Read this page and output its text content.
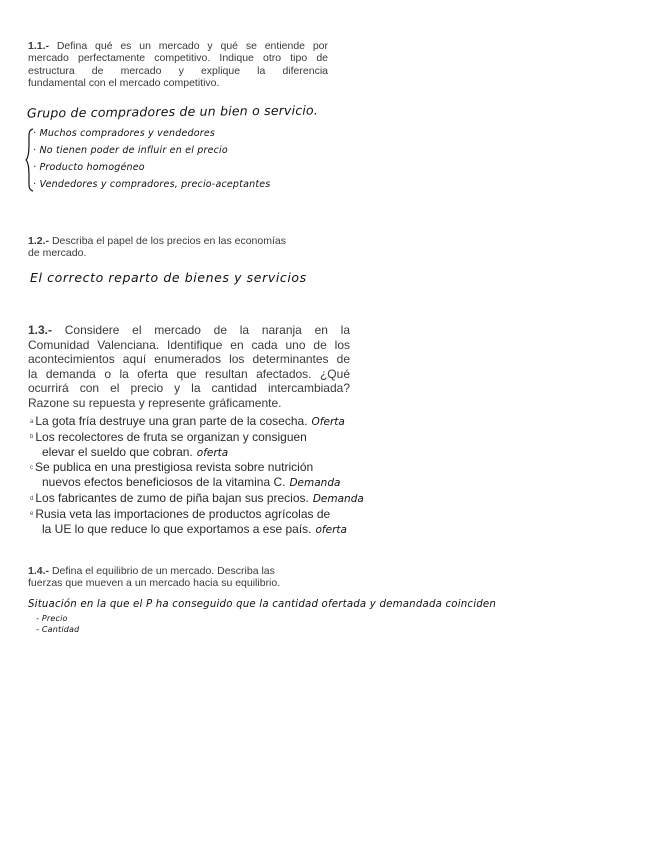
1.1.- Defina qué es un mercado y qué se entiende por
mercado perfectamente competitivo. Indique otro tipo de
estructura de mercado y explique la diferencia
fundamental con el mercado competitivo.
Grupo de compradores de un bien o servicio.
· Muchos compradores y vendedores
· No tienen poder de influir en el precio
· Producto homogéneo
· Vendedores y compradores, precio-aceptantes
1.2.- Describa el papel de los precios en las economías
de mercado.
El correcto reparto de bienes y servicios
1.3.- Considere el mercado de la naranja en la
Comunidad Valenciana. Identifique en cada uno de los
acontecimientos aquí enumerados los determinantes de
la demanda o la oferta que resultan afectados. ¿Qué
ocurrirá con el precio y la cantidad intercambiada?
Razone su repuesta y represente gráficamente.
a La gota fría destruye una gran parte de la cosecha. Oferta
b Los recolectores de fruta se organizan y consiguen
elevar el sueldo que cobran. oferta
c Se publica en una prestigiosa revista sobre nutrición
nuevos efectos beneficiosos de la vitamina C. Demanda
d Los fabricantes de zumo de piña bajan sus precios. Demanda
e Rusia veta las importaciones de productos agrícolas de
la UE lo que reduce lo que exportamos a ese país. oferta
1.4.- Defina el equilibrio de un mercado. Describa las
fuerzas que mueven a un mercado hacia su equilibrio.
Situación en la que el P ha conseguido que la cantidad ofertada y demandada coinciden
- Precio
- Cantidad
